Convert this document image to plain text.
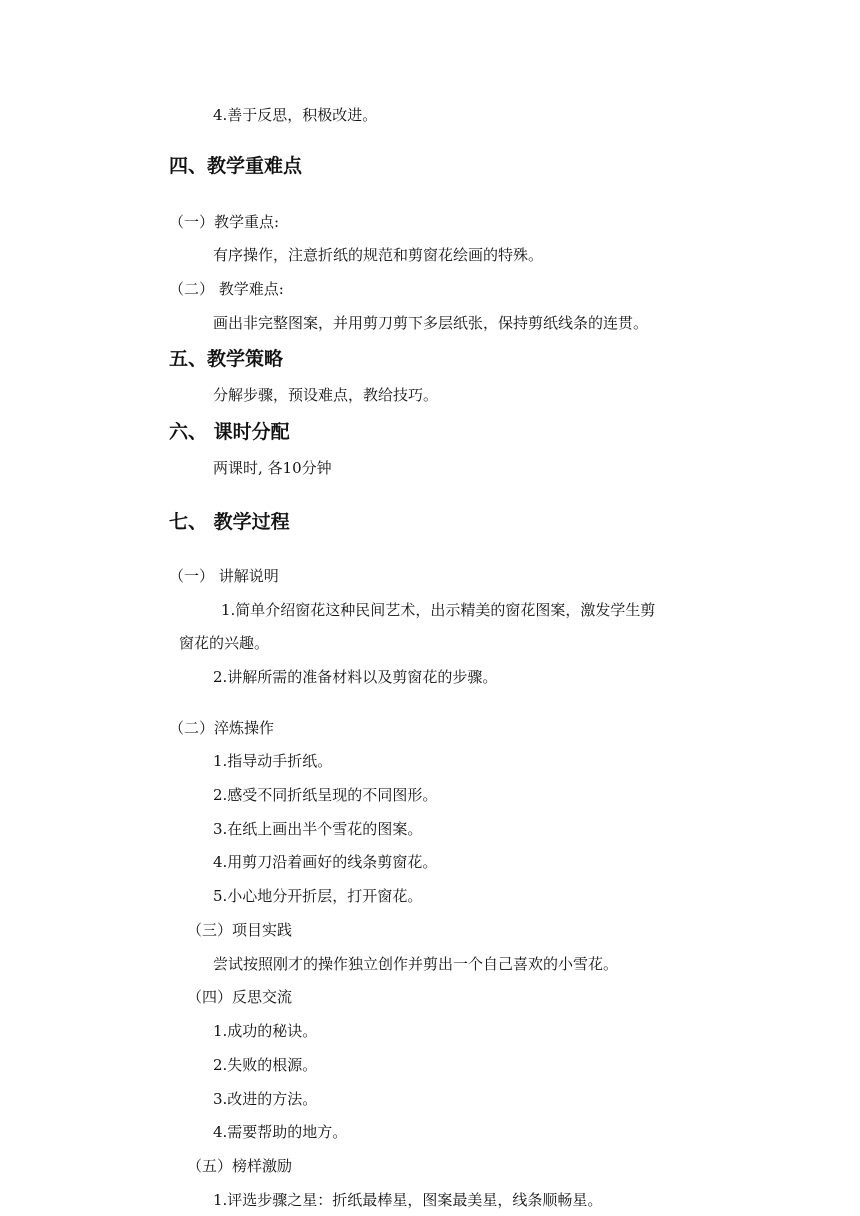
4.善于反思，积极改进。
四、教学重难点
（一）教学重点:
有序操作，注意折纸的规范和剪窗花绘画的特殊。
（二） 教学难点:
画出非完整图案，并用剪刀剪下多层纸张，保持剪纸线条的连贯。
五、教学策略
分解步骤，预设难点，教给技巧。
六、 课时分配
两课时, 各10分钟
七、 教学过程
（一） 讲解说明
1.简单介绍窗花这种民间艺术，出示精美的窗花图案，激发学生剪
窗花的兴趣。
2.讲解所需的准备材料以及剪窗花的步骤。
（二）淬炼操作
1.指导动手折纸。
2.感受不同折纸呈现的不同图形。
3.在纸上画出半个雪花的图案。
4.用剪刀沿着画好的线条剪窗花。
5.小心地分开折层，打开窗花。
（三）项目实践
尝试按照刚才的操作独立创作并剪出一个自己喜欢的小雪花。
（四）反思交流
1.成功的秘诀。
2.失败的根源。
3.改进的方法。
4.需要帮助的地方。
（五）榜样激励
1.评选步骤之星：折纸最棒星，图案最美星，线条顺畅星。
